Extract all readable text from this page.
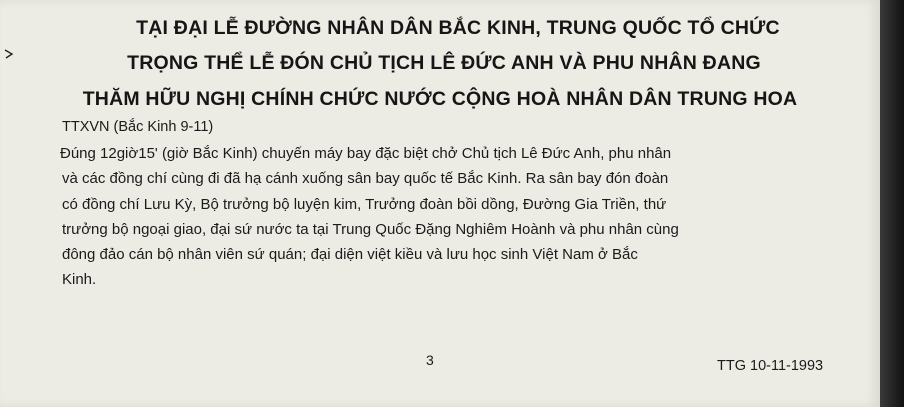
TẠI ĐẠI LỄ ĐƯỜNG NHÂN DÂN BẮC KINH, TRUNG QUỐC TỔ CHỨC
TRỌNG THỂ LỄ ĐÓN CHỦ TỊCH LÊ ĐỨC ANH VÀ PHU NHÂN ĐANG
THĂM HỮU NGHỊ CHÍNH CHỨC NƯỚC CỘNG HOÀ NHÂN DÂN TRUNG HOA
TTXVN (Bắc Kinh 9-11)
Đúng 12giờ15' (giờ Bắc Kinh) chuyến máy bay đặc biệt chở Chủ tịch Lê Đức Anh, phu nhân
và các đồng chí cùng đi đã hạ cánh xuống sân bay quốc tế Bắc Kinh. Ra sân bay đón đoàn
có đồng chí Lưu Kỳ, Bộ trưởng bộ luyện kim, Trưởng đoàn bồi dồng, Đường Gia Triền, thứ
trưởng bộ ngoại giao, đại sứ nước ta tại Trung Quốc Đặng Nghiêm Hoành và phu nhân cùng
đông đảo cán bộ nhân viên sứ quán; đại diện việt kiều và lưu học sinh Việt Nam ở Bắc
Kinh.
3	TTG 10-11-1993
